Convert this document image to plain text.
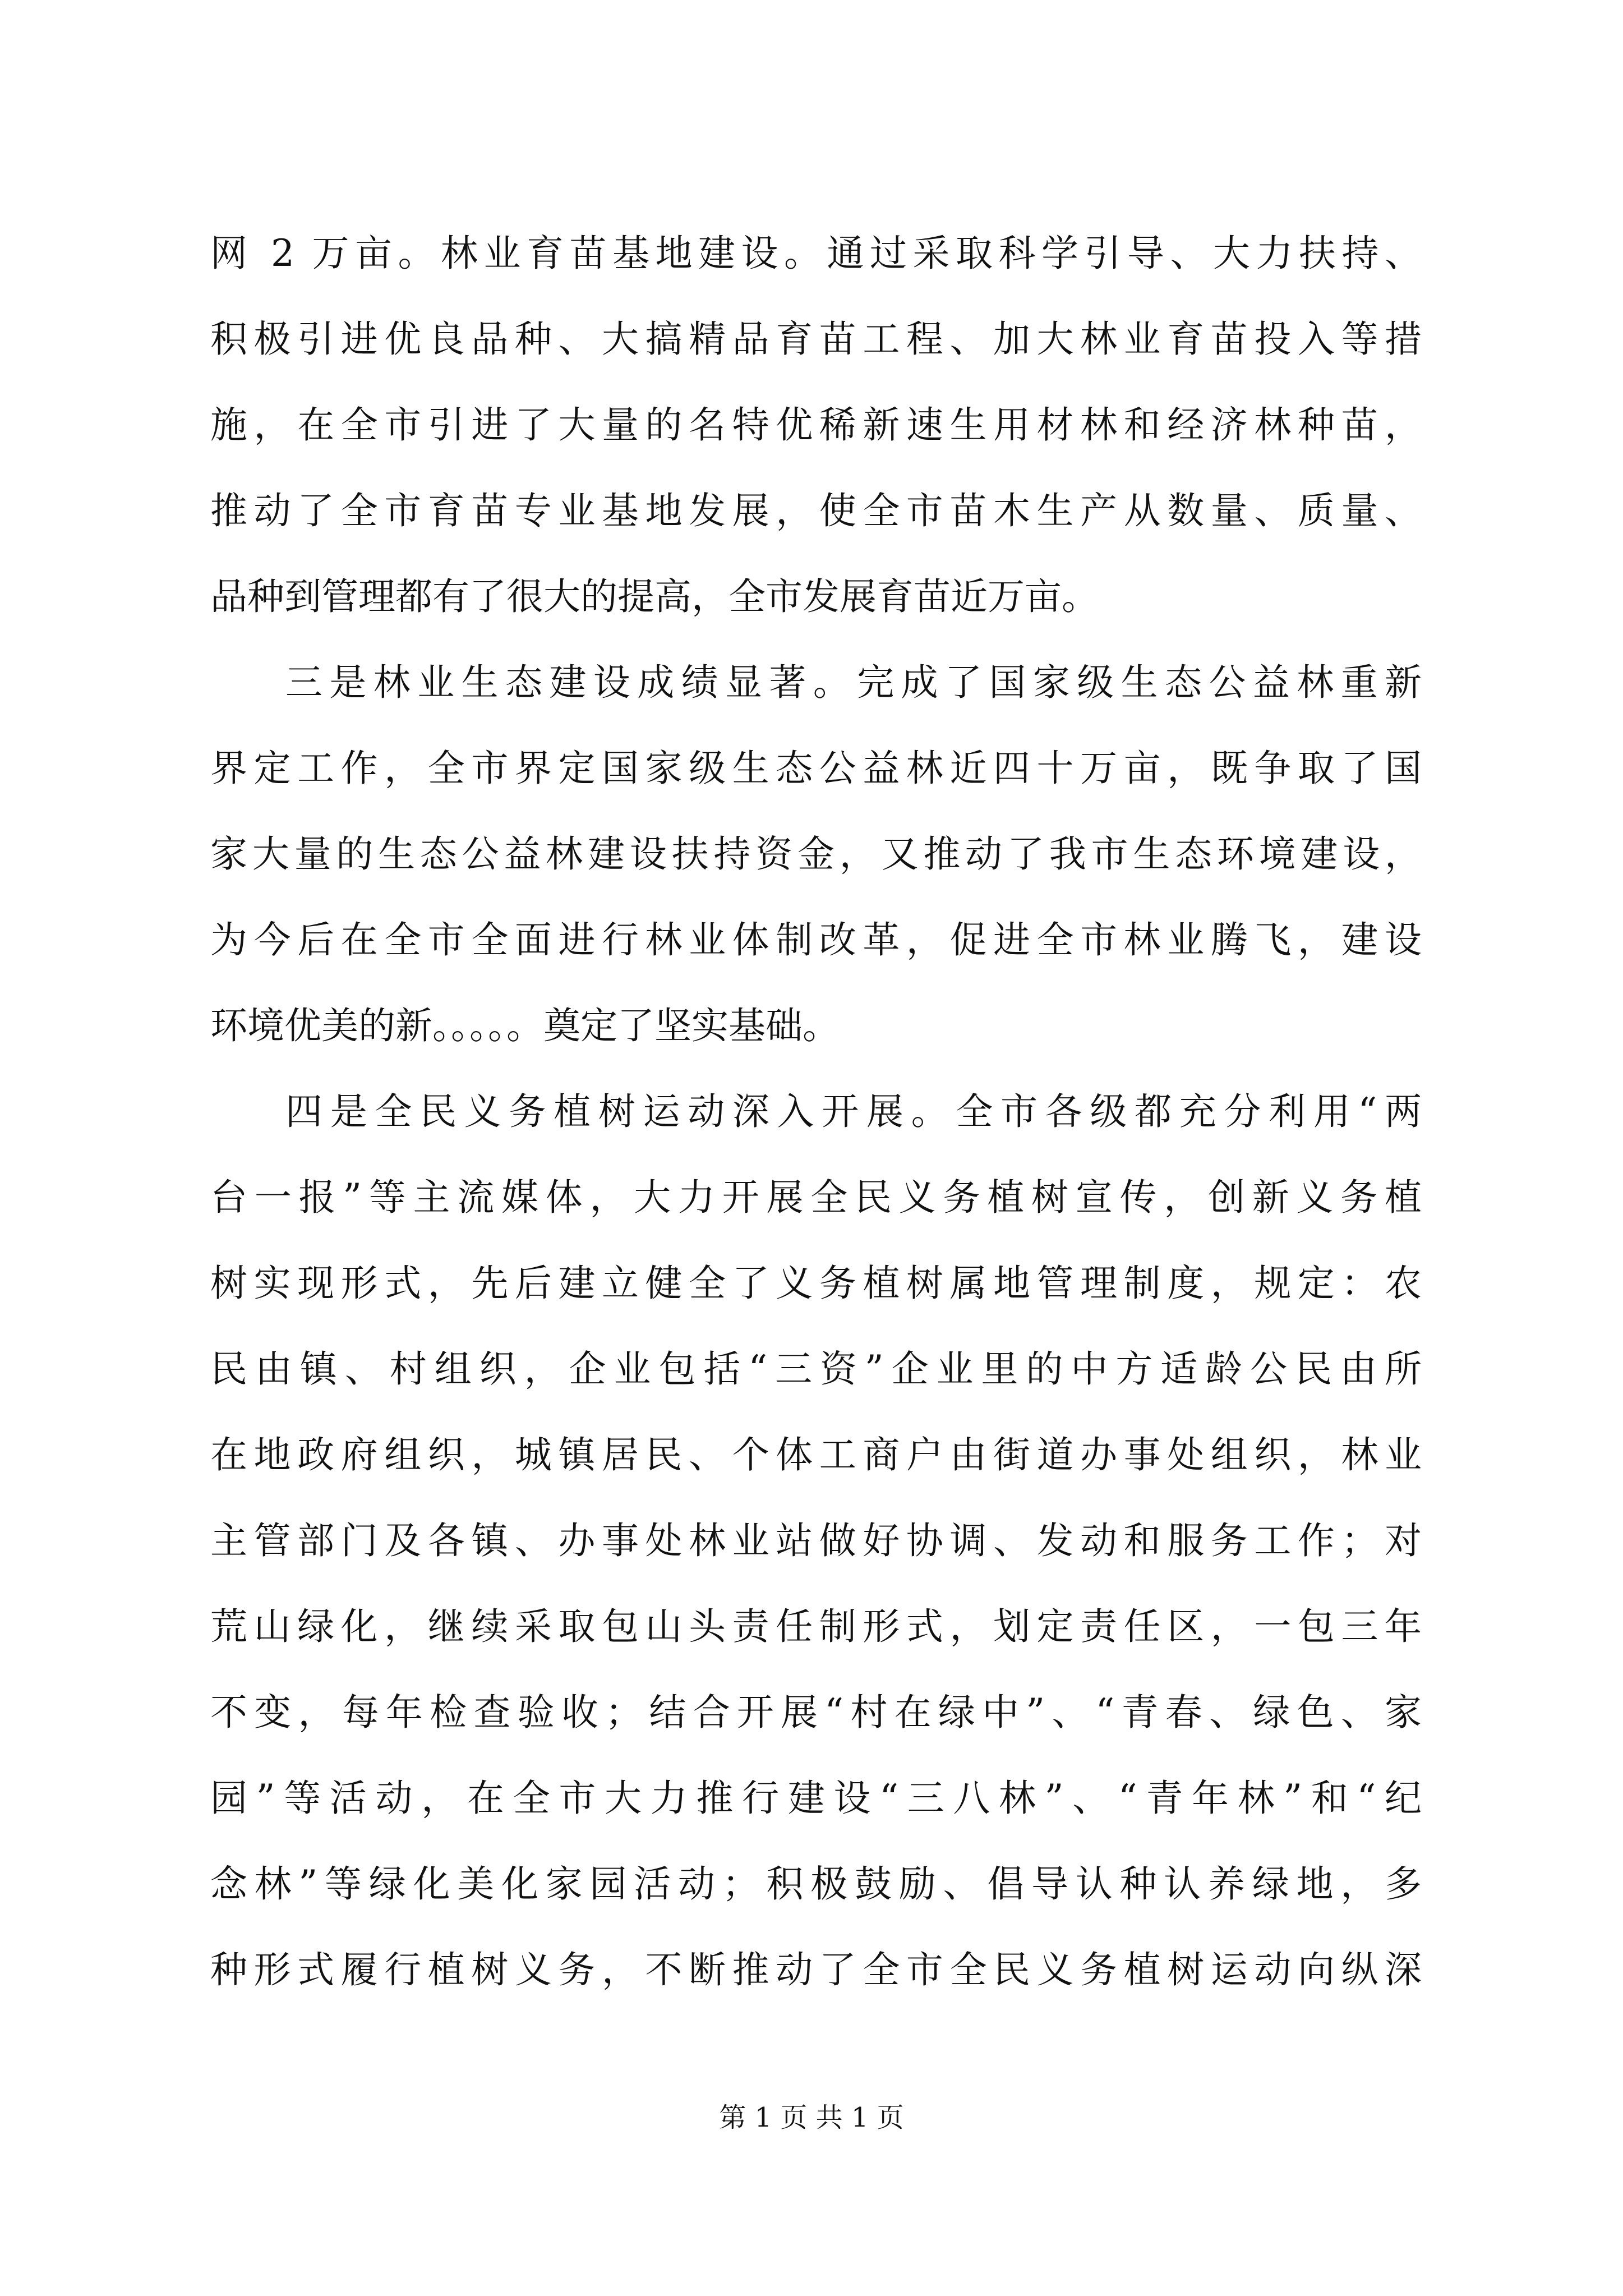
网 2 万亩。林业育苗基地建设。通过采取科学引导、大力扶持、
积极引进优良品种、大搞精品育苗工程、加大林业育苗投入等措
施，在全市引进了大量的名特优稀新速生用材林和经济林种苗，
推动了全市育苗专业基地发展，使全市苗木生产从数量、质量、
品种到管理都有了很大的提高，全市发展育苗近万亩。
三是林业生态建设成绩显著。完成了国家级生态公益林重新
界定工作，全市界定国家级生态公益林近四十万亩，既争取了国
家大量的生态公益林建设扶持资金，又推动了我市生态环境建设，
为今后在全市全面进行林业体制改革，促进全市林业腾飞，建设
环境优美的新。。。。。奠定了坚实基础。
四是全民义务植树运动深入开展。全市各级都充分利用“两
台一报”等主流媒体，大力开展全民义务植树宣传，创新义务植
树实现形式，先后建立健全了义务植树属地管理制度，规定：农
民由镇、村组织，企业包括“三资”企业里的中方适龄公民由所
在地政府组织，城镇居民、个体工商户由街道办事处组织，林业
主管部门及各镇、办事处林业站做好协调、发动和服务工作；对
荒山绿化，继续采取包山头责任制形式，划定责任区，一包三年
不变，每年检查验收；结合开展“村在绿中”、“青春、绿色、家
园”等活动，在全市大力推行建设“三八林”、“青年林”和“纪
念林”等绿化美化家园活动；积极鼓励、倡导认种认养绿地，多
种形式履行植树义务，不断推动了全市全民义务植树运动向纵深
第 1 页 共 1 页
